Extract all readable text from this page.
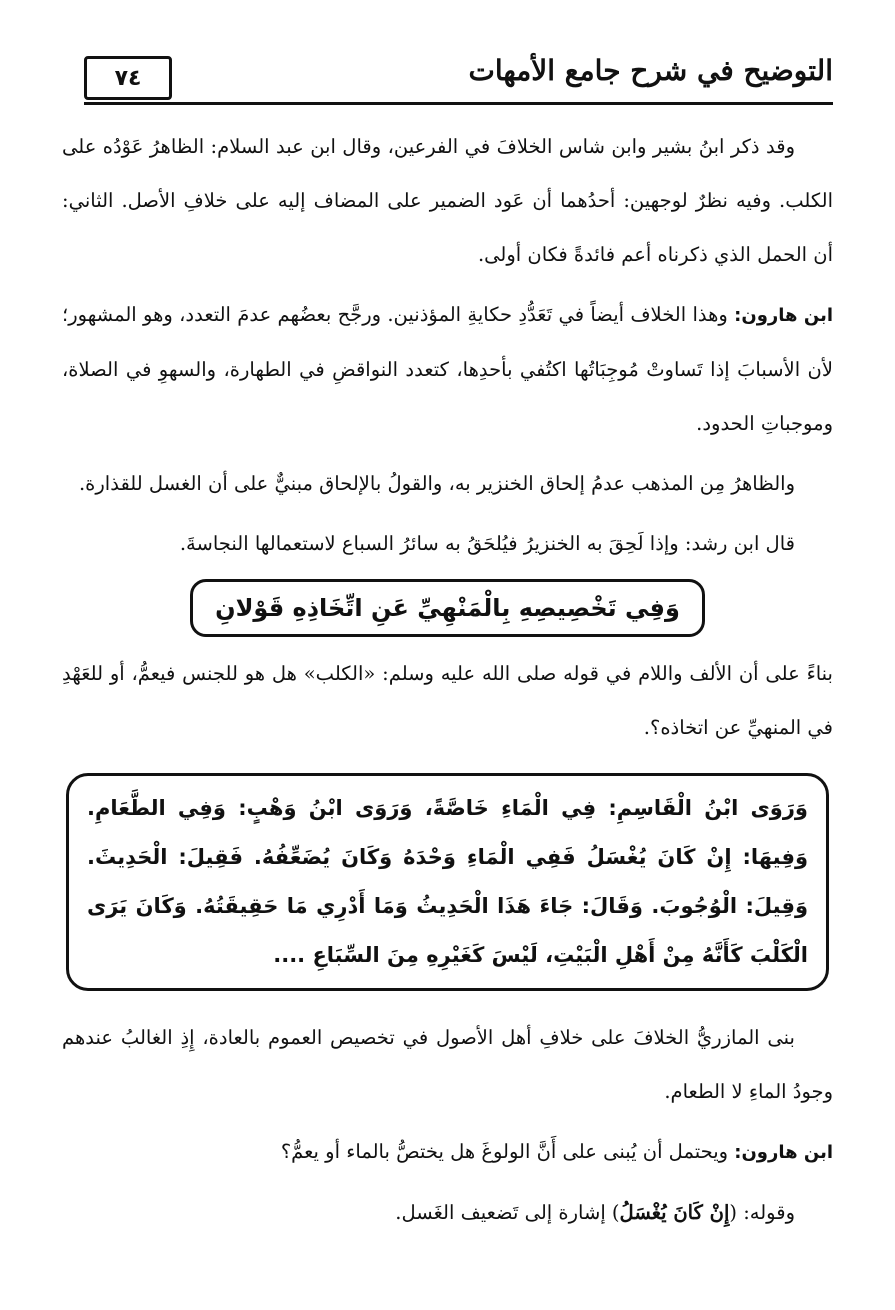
٧٤	التوضيح في شرح جامع الأمهات

وقد ذكر ابنُ بشير وابن شاس الخلافَ في الفرعين، وقال ابن عبد السلام: الظاهرُ عَوْدُه على الكلب. وفيه نظرٌ لوجهين: أحدُهما أن عَود الضمير على المضاف إليه على خلافِ الأصل. الثاني: أن الحمل الذي ذكرناه أعم فائدةً فكان أولى.

ابن هارون: وهذا الخلاف أيضاً في تَعَدُّدِ حكايةِ المؤذنين. ورجَّح بعضُهم عدمَ التعدد، وهو المشهور؛ لأن الأسبابَ إذا تَساوتْ مُوجِبَاتُها اكتُفي بأحدِها، كتعدد النواقضِ في الطهارة، والسهوِ في الصلاة، وموجباتِ الحدود.

والظاهرُ مِن المذهب عدمُ إلحاق الخنزير به، والقولُ بالإلحاق مبنيٌّ على أن الغسل للقذارة.

قال ابن رشد: وإذا لَحِقَ به الخنزيرُ فيُلحَقُ به سائرُ السباع لاستعمالها النجاسةَ.

وَفِي تَخْصِيصِهِ بِالْمَنْهِيِّ عَنِ اتِّخَاذِهِ قَوْلانِ

بناءً على أن الألف واللام في قوله صلى الله عليه وسلم: «الكلب» هل هو للجنس فيعمُّ، أو للعَهْدِ في المنهيِّ عن اتخاذه؟.

وَرَوَى ابْنُ الْقَاسِمِ: فِي الْمَاءِ خَاصَّةً، وَرَوَى ابْنُ وَهْبٍ: وَفِي الطَّعَامِ. وَفِيهَا: إِنْ كَانَ يُغْسَلُ فَفِي الْمَاءِ وَحْدَهُ وَكَانَ يُضَعِّفُهُ. فَقِيلَ: الْحَدِيثَ. وَقِيلَ: الْوُجُوبَ. وَقَالَ: جَاءَ هَذَا الْحَدِيثُ وَمَا أَدْرِي مَا حَقِيقَتُهُ. وَكَانَ يَرَى الْكَلْبَ كَأَنَّهُ مِنْ أَهْلِ الْبَيْتِ، لَيْسَ كَغَيْرِهِ مِنَ السِّبَاعِ ....

بنى المازريُّ الخلافَ على خلافِ أهل الأصول في تخصيص العموم بالعادة، إِذِ الغالبُ عندهم وجودُ الماءِ لا الطعام.

ابن هارون: ويحتمل أن يُبنى على أَنَّ الولوغَ هل يختصُّ بالماء أو يعمُّ؟

وقوله: (إِنْ كَانَ يُغْسَلُ) إشارة إلى تَضعيف الغَسل.
